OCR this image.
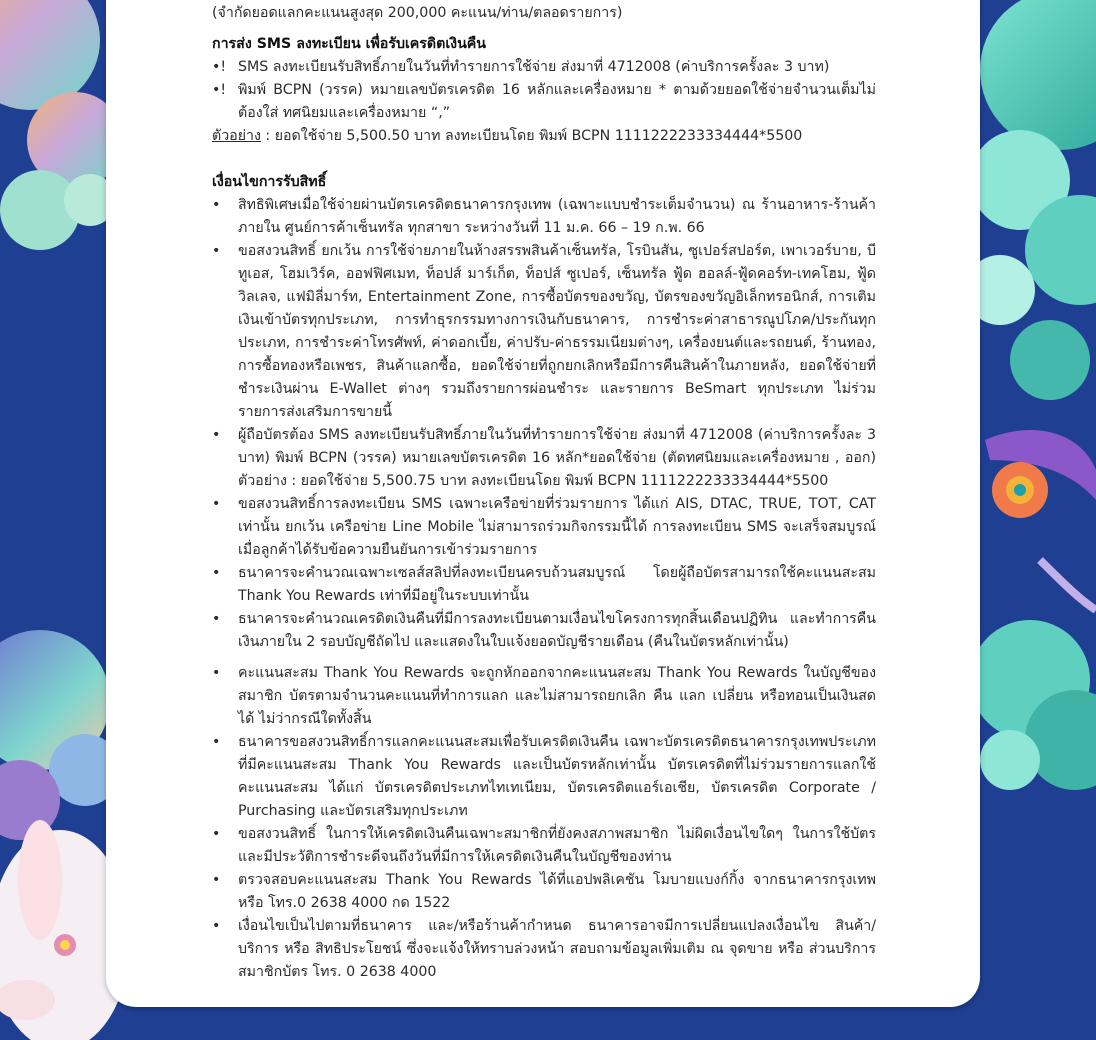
(จำกัดยอดแลกคะแนนสูงสุด 200,000 คะแนน/ท่าน/ตลอดรายการ)
การส่ง SMS ลงทะเบียน เพื่อรับเครดิตเงินคืน
•! SMS ลงทะเบียนรับสิทธิ์ภายในวันที่ทำรายการใช้จ่าย ส่งมาที่ 4712008 (ค่าบริการครั้งละ 3 บาท)
•! พิมพ์ BCPN (วรรค) หมายเลขบัตรเครดิต 16 หลักและเครื่องหมาย * ตามด้วยยอดใช้จ่ายจำนวนเต็มไม่ต้องใส่ ทศนิยมและเครื่องหมาย “,”
ตัวอย่าง : ยอดใช้จ่าย 5,500.50 บาท ลงทะเบียนโดย พิมพ์ BCPN 1111222233334444*5500
เงื่อนไขการรับสิทธิ์
• สิทธิพิเศษเมื่อใช้จ่ายผ่านบัตรเครดิตธนาคารกรุงเทพ (เฉพาะแบบชำระเต็มจำนวน) ณ ร้านอาหาร-ร้านค้าภายใน ศูนย์การค้าเซ็นทรัล ทุกสาขา ระหว่างวันที่ 11 ม.ค. 66 – 19 ก.พ. 66
• ขอสงวนสิทธิ์ ยกเว้น การใช้จ่ายภายในห้างสรรพสินค้าเซ็นทรัล, โรบินสัน, ซูเปอร์สปอร์ต, เพาเวอร์บาย, บีทูเอส, โฮมเวิร์ค, ออฟฟิศเมท, ท็อปส์ มาร์เก็ต, ท็อปส์ ซูเปอร์, เซ็นทรัล ฟู้ด ฮอลล์-ฟู้ดคอร์ท-เทคโฮม, ฟู้ดวิลเลจ, แฟมิลี่มาร์ท, Entertainment Zone, การซื้อบัตรของขวัญ, บัตรของขวัญอิเล็กทรอนิกส์, การเติมเงินเข้าบัตรทุกประเภท, การทำธุรกรรมทางการเงินกับธนาคาร, การชำระค่าสาธารณูปโภค/ประกันทุกประเภท, การชำระค่าโทรศัพท์, ค่าดอกเบี้ย, ค่าปรับ-ค่าธรรมเนียมต่างๆ, เครื่องยนต์และรถยนต์, ร้านทอง, การซื้อทองหรือเพชร, สินค้าแลกซื้อ, ยอดใช้จ่ายที่ถูกยกเลิกหรือมีการคืนสินค้าในภายหลัง, ยอดใช้จ่ายที่ชำระเงินผ่าน E-Wallet ต่างๆ รวมถึงรายการผ่อนชำระ และรายการ BeSmart ทุกประเภท ไม่ร่วมรายการส่งเสริมการขายนี้
• ผู้ถือบัตรต้อง SMS ลงทะเบียนรับสิทธิ์ภายในวันที่ทำรายการใช้จ่าย ส่งมาที่ 4712008 (ค่าบริการครั้งละ 3 บาท) พิมพ์ BCPN (วรรค) หมายเลขบัตรเครดิต 16 หลัก*ยอดใช้จ่าย (ตัดทศนิยมและเครื่องหมาย , ออก) ตัวอย่าง : ยอดใช้จ่าย 5,500.75 บาท ลงทะเบียนโดย พิมพ์ BCPN 1111222233334444*5500
• ขอสงวนสิทธิ์การลงทะเบียน SMS เฉพาะเครือข่ายที่ร่วมรายการ ได้แก่ AIS, DTAC, TRUE, TOT, CAT เท่านั้น ยกเว้น เครือข่าย Line Mobile ไม่สามารถร่วมกิจกรรมนี้ได้ การลงทะเบียน SMS จะเสร็จสมบูรณ์เมื่อลูกค้าได้รับข้อความยืนยันการเข้าร่วมรายการ
• ธนาคารจะคำนวณเฉพาะเซลส์สลิปที่ลงทะเบียนครบถ้วนสมบูรณ์ โดยผู้ถือบัตรสามารถใช้คะแนนสะสม Thank You Rewards เท่าที่มีอยู่ในระบบเท่านั้น
• ธนาคารจะคำนวณเครดิตเงินคืนที่มีการลงทะเบียนตามเงื่อนไขโครงการทุกสิ้นเดือนปฏิทิน และทำการคืนเงินภายใน 2 รอบบัญชีถัดไป และแสดงในใบแจ้งยอดบัญชีรายเดือน (คืนในบัตรหลักเท่านั้น)
• คะแนนสะสม Thank You Rewards จะถูกหักออกจากคะแนนสะสม Thank You Rewards ในบัญชีของสมาชิก บัตรตามจำนวนคะแนนที่ทำการแลก และไม่สามารถยกเลิก คืน แลก เปลี่ยน หรือทอนเป็นเงินสดได้ ไม่ว่ากรณีใดทั้งสิ้น
• ธนาคารขอสงวนสิทธิ์การแลกคะแนนสะสมเพื่อรับเครดิตเงินคืน เฉพาะบัตรเครดิตธนาคารกรุงเทพประเภทที่มีคะแนนสะสม Thank You Rewards และเป็นบัตรหลักเท่านั้น บัตรเครดิตที่ไม่ร่วมรายการแลกใช้คะแนนสะสม ได้แก่ บัตรเครดิตประเภทไทเทเนียม, บัตรเครดิตแอร์เอเชีย, บัตรเครดิต Corporate / Purchasing และบัตรเสริมทุกประเภท
• ขอสงวนสิทธิ์ ในการให้เครดิตเงินคืนเฉพาะสมาชิกที่ยังคงสภาพสมาชิก ไม่ผิดเงื่อนไขใดๆ ในการใช้บัตร และมีประวัติการชำระดีจนถึงวันที่มีการให้เครดิตเงินคืนในบัญชีของท่าน
• ตรวจสอบคะแนนสะสม Thank You Rewards ได้ที่แอปพลิเคชัน โมบายแบงก์กิ้ง จากธนาคารกรุงเทพ หรือ โทร.0 2638 4000 กด 1522
• เงื่อนไขเป็นไปตามที่ธนาคาร และ/หรือร้านค้ากำหนด ธนาคารอาจมีการเปลี่ยนแปลงเงื่อนไข สินค้า/บริการ หรือ สิทธิประโยชน์ ซึ่งจะแจ้งให้ทราบล่วงหน้า สอบถามข้อมูลเพิ่มเติม ณ จุดขาย หรือ ส่วนบริการสมาชิกบัตร โทร. 0 2638 4000
